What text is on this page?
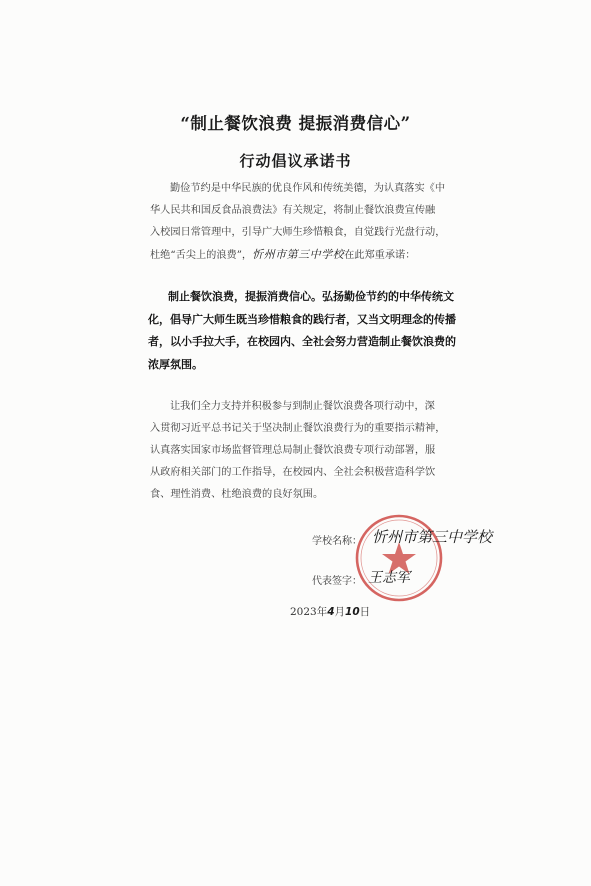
“制止餐饮浪费 提振消费信心”
行动倡议承诺书
勤俭节约是中华民族的优良作风和传统美德，为认真落实《中
华人民共和国反食品浪费法》有关规定，将制止餐饮浪费宣传融
入校园日常管理中，引导广大师生珍惜粮食，自觉践行光盘行动，
杜绝“舌尖上的浪费”，忻州市第三中学校在此郑重承诺：
制止餐饮浪费，提振消费信心。弘扬勤俭节约的中华传统文
化，倡导广大师生既当珍惜粮食的践行者，又当文明理念的传播
者，以小手拉大手，在校园内、全社会努力营造制止餐饮浪费的
浓厚氛围。
让我们全力支持并积极参与到制止餐饮浪费各项行动中，深
入贯彻习近平总书记关于坚决制止餐饮浪费行为的重要指示精神，
认真落实国家市场监督管理总局制止餐饮浪费专项行动部署，服
从政府相关部门的工作指导，在校园内、全社会积极营造科学饮
食、理性消费、杜绝浪费的良好氛围。
学校名称： 忻州市第三中学校
代表签字： 王志军
2023年4月10日
